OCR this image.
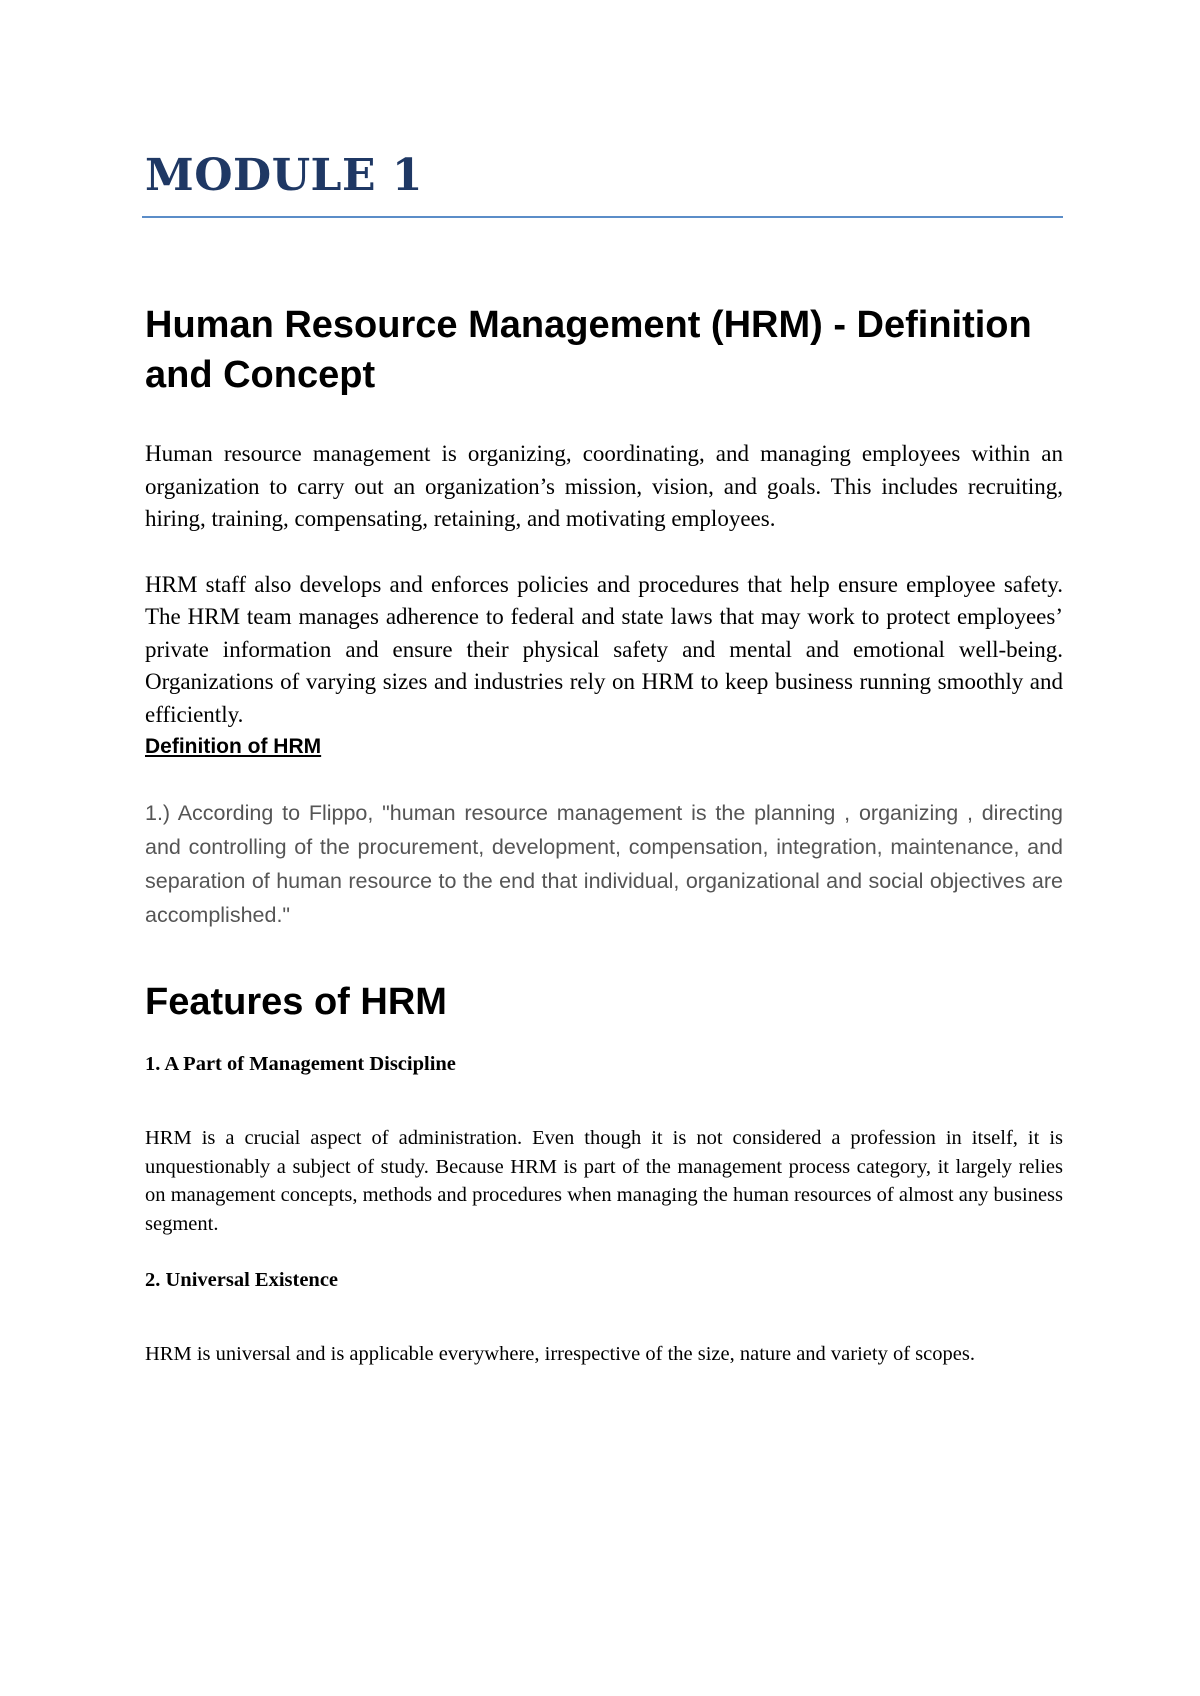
MODULE 1
Human Resource Management (HRM) - Definition and Concept

Human resource management is organizing, coordinating, and managing employees within an organization to carry out an organization’s mission, vision, and goals. This includes recruiting, hiring, training, compensating, retaining, and motivating employees.

HRM staff also develops and enforces policies and procedures that help ensure employee safety. The HRM team manages adherence to federal and state laws that may work to protect employees’ private information and ensure their physical safety and mental and emotional well-being. Organizations of varying sizes and industries rely on HRM to keep business running smoothly and efficiently.

Definition of HRM

1.) According to Flippo, "human resource management is the planning , organizing , directing and controlling of the procurement, development, compensation, integration, maintenance, and separation of human resource to the end that individual, organizational and social objectives are accomplished."

Features of HRM
1. A Part of Management Discipline

HRM is a crucial aspect of administration. Even though it is not considered a profession in itself, it is unquestionably a subject of study. Because HRM is part of the management process category, it largely relies on management concepts, methods and procedures when managing the human resources of almost any business segment.

2. Universal Existence

HRM is universal and is applicable everywhere, irrespective of the size, nature and variety of scopes.
